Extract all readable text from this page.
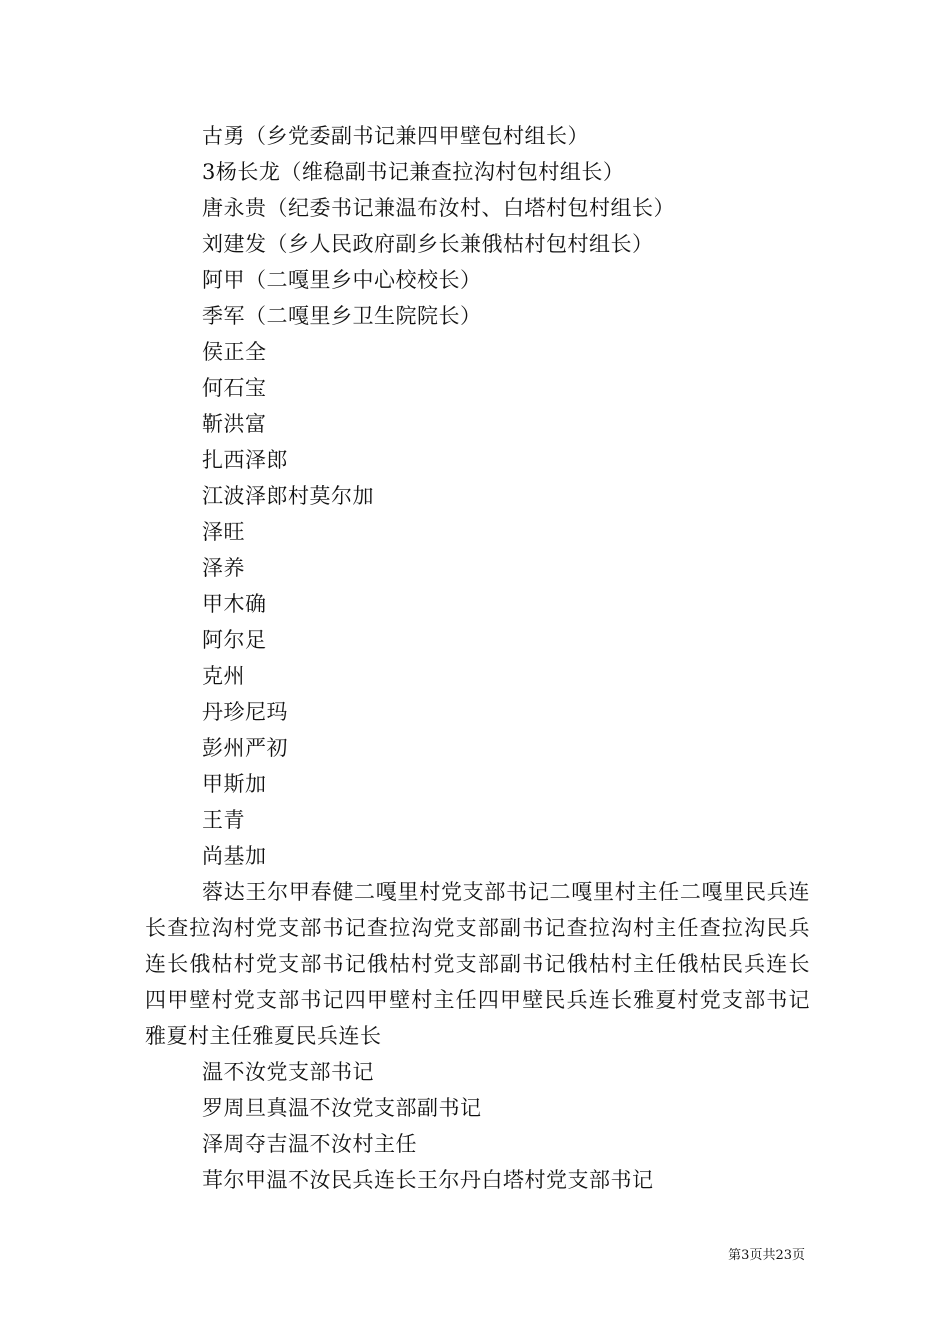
古勇（乡党委副书记兼四甲壁包村组长）
3杨长龙（维稳副书记兼查拉沟村包村组长）
唐永贵（纪委书记兼温布汝村、白塔村包村组长）
刘建发（乡人民政府副乡长兼俄枯村包村组长）
阿甲（二嘎里乡中心校校长）
季军（二嘎里乡卫生院院长）
侯正全
何石宝
靳洪富
扎西泽郎
江波泽郎村莫尔加
泽旺
泽养
甲木确
阿尔足
克州
丹珍尼玛
彭州严初
甲斯加
王青
尚基加

蓉达王尔甲春健二嘎里村党支部书记二嘎里村主任二嘎里民兵连长查拉沟村党支部书记查拉沟党支部副书记查拉沟村主任查拉沟民兵连长俄枯村党支部书记俄枯村党支部副书记俄枯村主任俄枯民兵连长四甲壁村党支部书记四甲壁村主任四甲壁民兵连长雅夏村党支部书记雅夏村主任雅夏民兵连长

温不汝党支部书记
罗周旦真温不汝党支部副书记
泽周夺吉温不汝村主任
茸尔甲温不汝民兵连长王尔丹白塔村党支部书记
第3页共23页
